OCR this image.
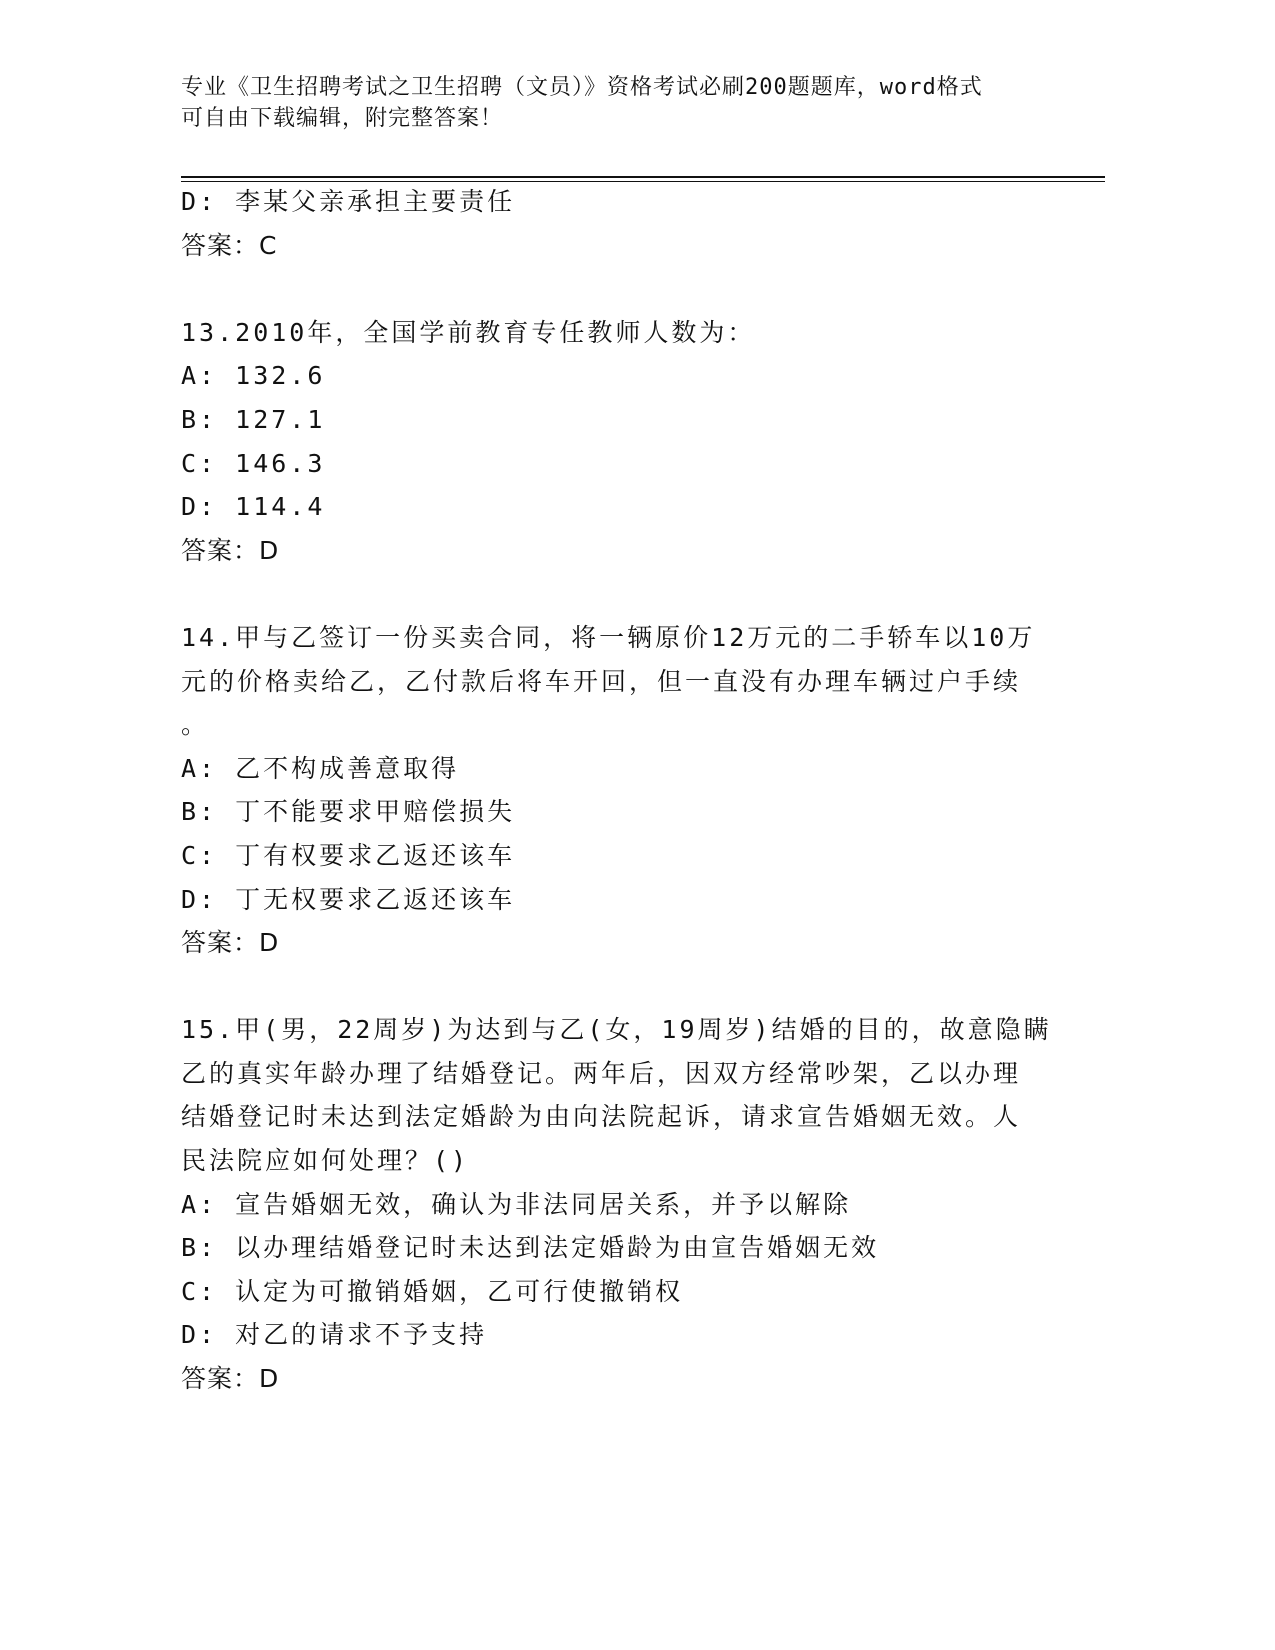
专业《卫生招聘考试之卫生招聘（文员）》资格考试必刷200题题库，word格式
可自由下载编辑，附完整答案！
D: 李某父亲承担主要责任
答案：C
13.2010年，全国学前教育专任教师人数为：
A: 132.6
B: 127.1
C: 146.3
D: 114.4
答案：D
14.甲与乙签订一份买卖合同，将一辆原价12万元的二手轿车以10万
元的价格卖给乙，乙付款后将车开回，但一直没有办理车辆过户手续
。
A: 乙不构成善意取得
B: 丁不能要求甲赔偿损失
C: 丁有权要求乙返还该车
D: 丁无权要求乙返还该车
答案：D
15.甲(男，22周岁)为达到与乙(女，19周岁)结婚的目的，故意隐瞒
乙的真实年龄办理了结婚登记。两年后，因双方经常吵架，乙以办理
结婚登记时未达到法定婚龄为由向法院起诉，请求宣告婚姻无效。人
民法院应如何处理？()
A: 宣告婚姻无效，确认为非法同居关系，并予以解除
B: 以办理结婚登记时未达到法定婚龄为由宣告婚姻无效
C: 认定为可撤销婚姻，乙可行使撤销权
D: 对乙的请求不予支持
答案：D
